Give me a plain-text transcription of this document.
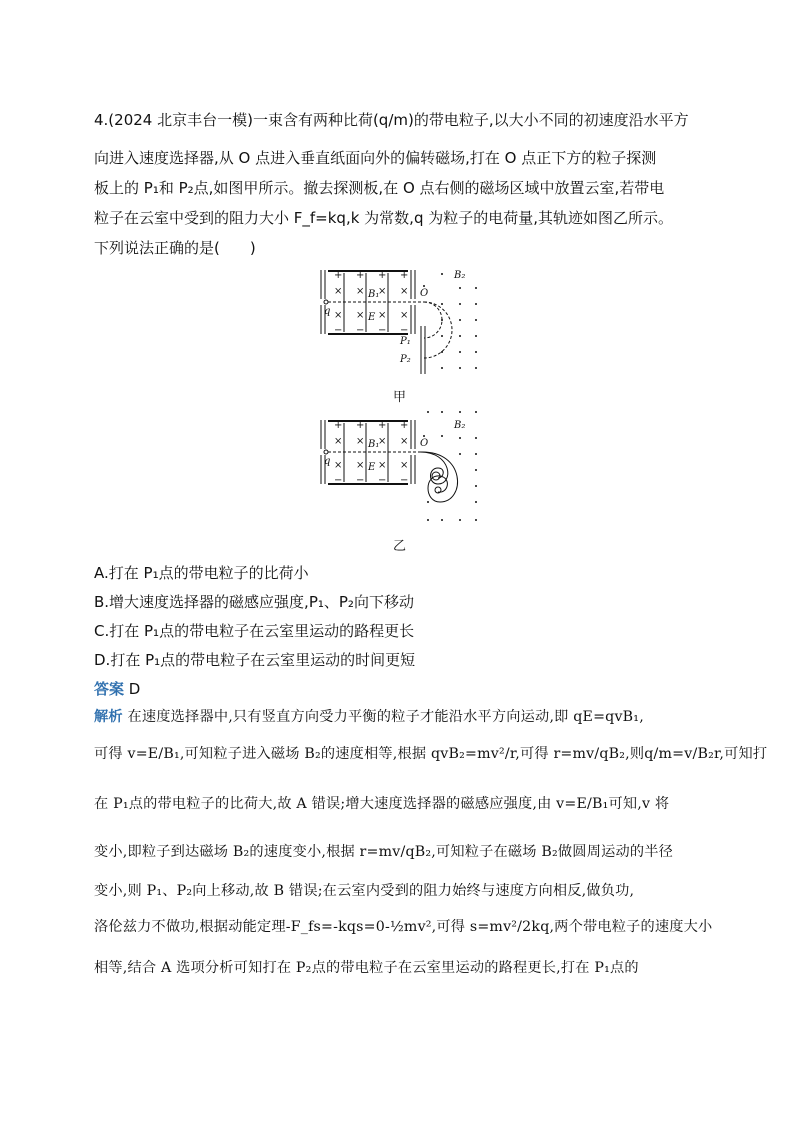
4.(2024 北京丰台一模)一束含有两种比荷(q/m)的带电粒子,以大小不同的初速度沿水平方
向进入速度选择器,从 O 点进入垂直纸面向外的偏转磁场,打在 O 点正下方的粒子探测
板上的 P₁和 P₂点,如图甲所示。撤去探测板,在 O 点右侧的磁场区域中放置云室,若带电
粒子在云室中受到的阻力大小 F_f=kq,k 为常数,q 为粒子的电荷量,其轨迹如图乙所示。
下列说法正确的是(　　)
+ + + +
− − − −
× × × ×
× × × ×
B₁
E
q
O
B₂
P₁
P₂
甲
+ + + +
− − − −
× × × ×
× × × ×
B₁
E
q
O
B₂
乙
A.打在 P₁点的带电粒子的比荷小
B.增大速度选择器的磁感应强度,P₁、P₂向下移动
C.打在 P₁点的带电粒子在云室里运动的路程更长
D.打在 P₁点的带电粒子在云室里运动的时间更短
答案 D
解析 在速度选择器中,只有竖直方向受力平衡的粒子才能沿水平方向运动,即 qE=qvB₁,
可得 v=E/B₁,可知粒子进入磁场 B₂的速度相等,根据 qvB₂=mv²/r,可得 r=mv/qB₂,则q/m=v/B₂r,可知打
在 P₁点的带电粒子的比荷大,故 A 错误;增大速度选择器的磁感应强度,由 v=E/B₁可知,v 将
变小,即粒子到达磁场 B₂的速度变小,根据 r=mv/qB₂,可知粒子在磁场 B₂做圆周运动的半径
变小,则 P₁、P₂向上移动,故 B 错误;在云室内受到的阻力始终与速度方向相反,做负功,
洛伦兹力不做功,根据动能定理-F_fs=-kqs=0-½mv²,可得 s=mv²/2kq,两个带电粒子的速度大小
相等,结合 A 选项分析可知打在 P₂点的带电粒子在云室里运动的路程更长,打在 P₁点的
